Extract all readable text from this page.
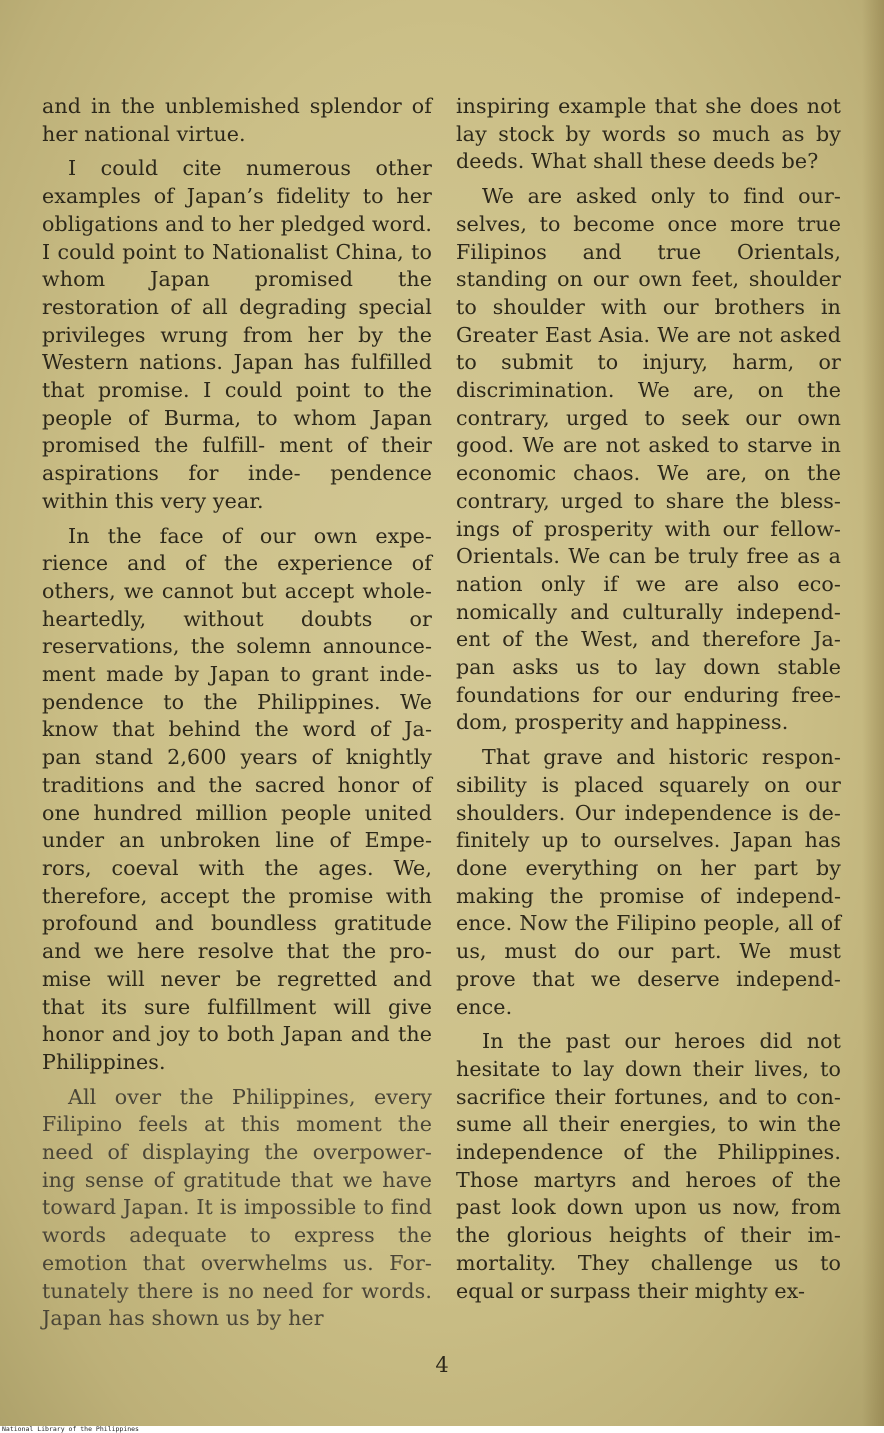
and in the unblemished splendor of her national virtue.

I could cite numerous other examples of Japan’s fidelity to her obligations and to her pledged word. I could point to Nationalist China, to whom Japan promised the restoration of all degrading special privileges wrung from her by the Western nations. Japan has fulfilled that promise. I could point to the people of Burma, to whom Japan promised the fulfill- ment of their aspirations for inde- pendence within this very year.

In the face of our own expe- rience and of the experience of others, we cannot but accept whole-heartedly, without doubts or reservations, the solemn announce- ment made by Japan to grant inde- pendence to the Philippines. We know that behind the word of Ja- pan stand 2,600 years of knightly traditions and the sacred honor of one hundred million people united under an unbroken line of Empe- rors, coeval with the ages. We, therefore, accept the promise with profound and boundless gratitude and we here resolve that the pro- mise will never be regretted and that its sure fulfillment will give honor and joy to both Japan and the Philippines.

All over the Philippines, every Filipino feels at this moment the need of displaying the overpower- ing sense of gratitude that we have toward Japan. It is impossible to find words adequate to express the emotion that overwhelms us. For- tunately there is no need for words. Japan has shown us by her

inspiring example that she does not lay stock by words so much as by deeds. What shall these deeds be?

We are asked only to find our- selves, to become once more true Filipinos and true Orientals, standing on our own feet, shoulder to shoulder with our brothers in Greater East Asia. We are not asked to submit to injury, harm, or discrimination. We are, on the contrary, urged to seek our own good. We are not asked to starve in economic chaos. We are, on the contrary, urged to share the bless- ings of prosperity with our fellow- Orientals. We can be truly free as a nation only if we are also eco- nomically and culturally independ- ent of the West, and therefore Ja- pan asks us to lay down stable foundations for our enduring free- dom, prosperity and happiness.

That grave and historic respon- sibility is placed squarely on our shoulders. Our independence is de- finitely up to ourselves. Japan has done everything on her part by making the promise of independ- ence. Now the Filipino people, all of us, must do our part. We must prove that we deserve independ- ence.

In the past our heroes did not hesitate to lay down their lives, to sacrifice their fortunes, and to con- sume all their energies, to win the independence of the Philippines. Those martyrs and heroes of the past look down upon us now, from the glorious heights of their im- mortality. They challenge us to equal or surpass their mighty ex-

4
National Library of the Philippines
